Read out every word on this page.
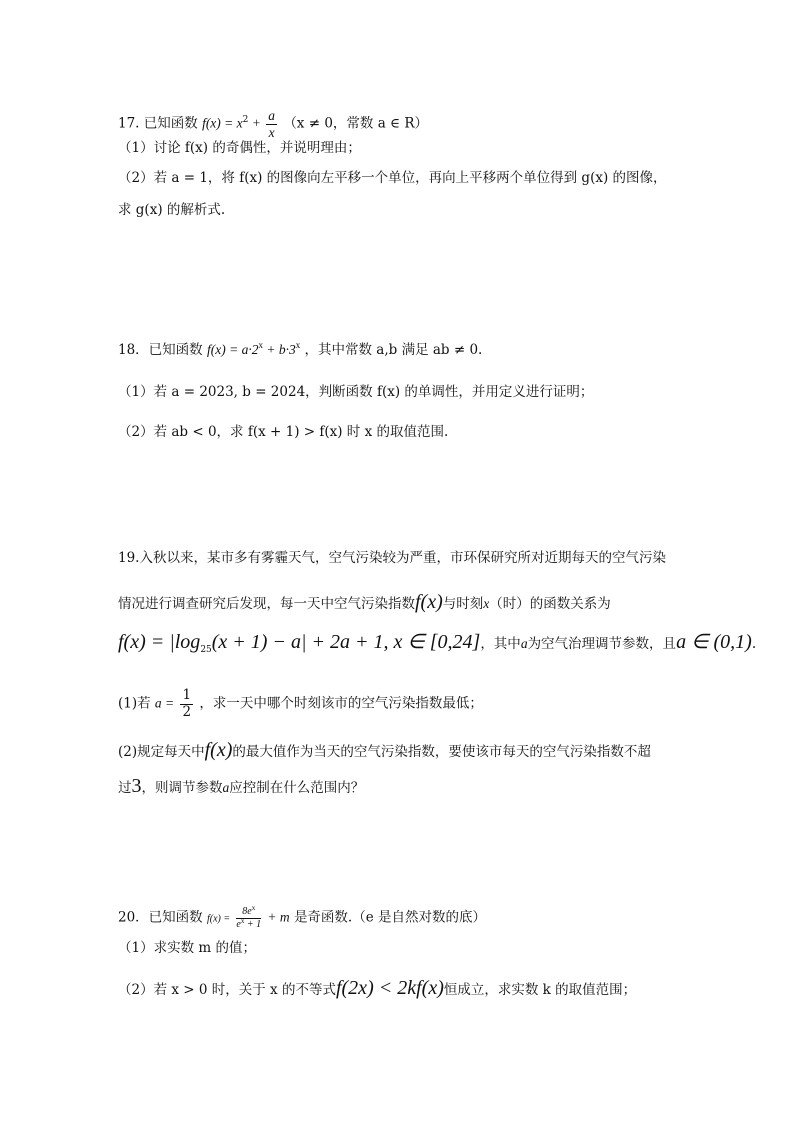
17. 已知函数 $f(x) = x^2 + \frac{a}{x} (x \ne 0$，常数 a ∈ R）
（1）讨论 f(x) 的奇偶性，并说明理由；
（2）若 a = 1，将 f(x) 的图像向左平移一个单位，再向上平移两个单位得到 g(x) 的图像，
求 g(x) 的解析式.
18．已知函数 $f(x) = a\cdot 2^x + b\cdot 3^x$ ，其中常数 a,b 满足 ab ≠ 0.
（1）若 a = 2023, b = 2024，判断函数 f(x) 的单调性，并用定义进行证明；
（2）若 ab < 0，求 f(x + 1) > f(x) 时 x 的取值范围.
19.入秋以来，某市多有雾霾天气，空气污染较为严重，市环保研究所对近期每天的空气污染
情况进行调查研究后发现，每一天中空气污染指数f(x)与时刻x（时）的函数关系为
$f(x) = |\log_{25}(x + 1) - a| + 2a + 1$, x ∈ [0,24]，其中a为空气治理调节参数，且a ∈ (0,1).
(1)若 $a = \frac{1}{2}$ ，求一天中哪个时刻该市的空气污染指数最低；
(2)规定每天中f(x)的最大值作为当天的空气污染指数，要使该市每天的空气污染指数不超
过3，则调节参数a应控制在什么范围内？
20．已知函数 $f(x) = \frac{8e^x}{e^x + 1} + m$ 是奇函数.（e 是自然对数的底）
（1）求实数 m 的值；
（2）若 x > 0 时，关于 x 的不等式f(2x) < 2kf(x)恒成立，求实数 k 的取值范围；
